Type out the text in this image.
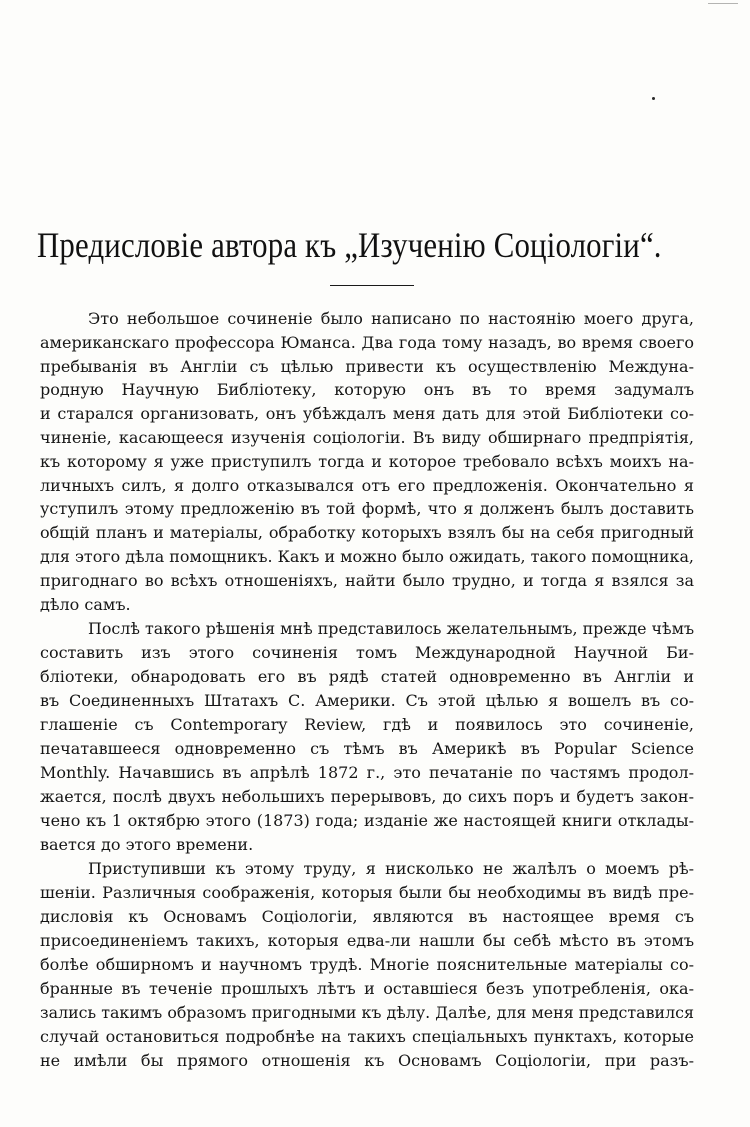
Предисловіе автора къ „Изученію Соціологіи“.
Это небольшое сочиненіе было написано по настоянію моего друга,
американскаго профессора Юманса. Два года тому назадъ, во время своего
пребыванія въ Англіи съ цѣлью привести къ осуществленію Междуна-
родную Научную Библіотеку, которую онъ въ то время задумалъ
и старался организовать, онъ убѣждалъ меня дать для этой Библіотеки со-
чиненіе, касающееся изученія соціологіи. Въ виду обширнаго предпріятія,
къ которому я уже приступилъ тогда и которое требовало всѣхъ моихъ на-
личныхъ силъ, я долго отказывался отъ его предложенія. Окончательно я
уступилъ этому предложенію въ той формѣ, что я долженъ былъ доставить
общій планъ и матеріалы, обработку которыхъ взялъ бы на себя пригодный
для этого дѣла помощникъ. Какъ и можно было ожидать, такого помощника,
пригоднаго во всѣхъ отношеніяхъ, найти было трудно, и тогда я взялся за
дѣло самъ.
Послѣ такого рѣшенія мнѣ представилось желательнымъ, прежде чѣмъ
составить изъ этого сочиненія томъ Международной Научной Би-
бліотеки, обнародовать его въ рядѣ статей одновременно въ Англіи и
въ Соединенныхъ Штатахъ С. Америки. Съ этой цѣлью я вошелъ въ со-
глашеніе съ Contemporary Review, гдѣ и появилось это сочиненіе,
печатавшееся одновременно съ тѣмъ въ Америкѣ въ Popular Science
Monthly. Начавшись въ апрѣлѣ 1872 г., это печатаніе по частямъ продол-
жается, послѣ двухъ небольшихъ перерывовъ, до сихъ поръ и будетъ закон-
чено къ 1 октябрю этого (1873) года; изданіе же настоящей книги отклады-
вается до этого времени.
Приступивши къ этому труду, я нисколько не жалѣлъ о моемъ рѣ-
шеніи. Различныя соображенія, которыя были бы необходимы въ видѣ пре-
дисловія къ Основамъ Соціологіи, являются въ настоящее время съ
присоединеніемъ такихъ, которыя едва-ли нашли бы себѣ мѣсто въ этомъ
болѣе обширномъ и научномъ трудѣ. Многіе пояснительные матеріалы со-
бранные въ теченіе прошлыхъ лѣтъ и оставшіеся безъ употребленія, ока-
зались такимъ образомъ пригодными къ дѣлу. Далѣе, для меня представился
случай остановиться подробнѣе на такихъ спеціальныхъ пунктахъ, которые
не имѣли бы прямого отношенія къ Основамъ Соціологіи, при разъ-
